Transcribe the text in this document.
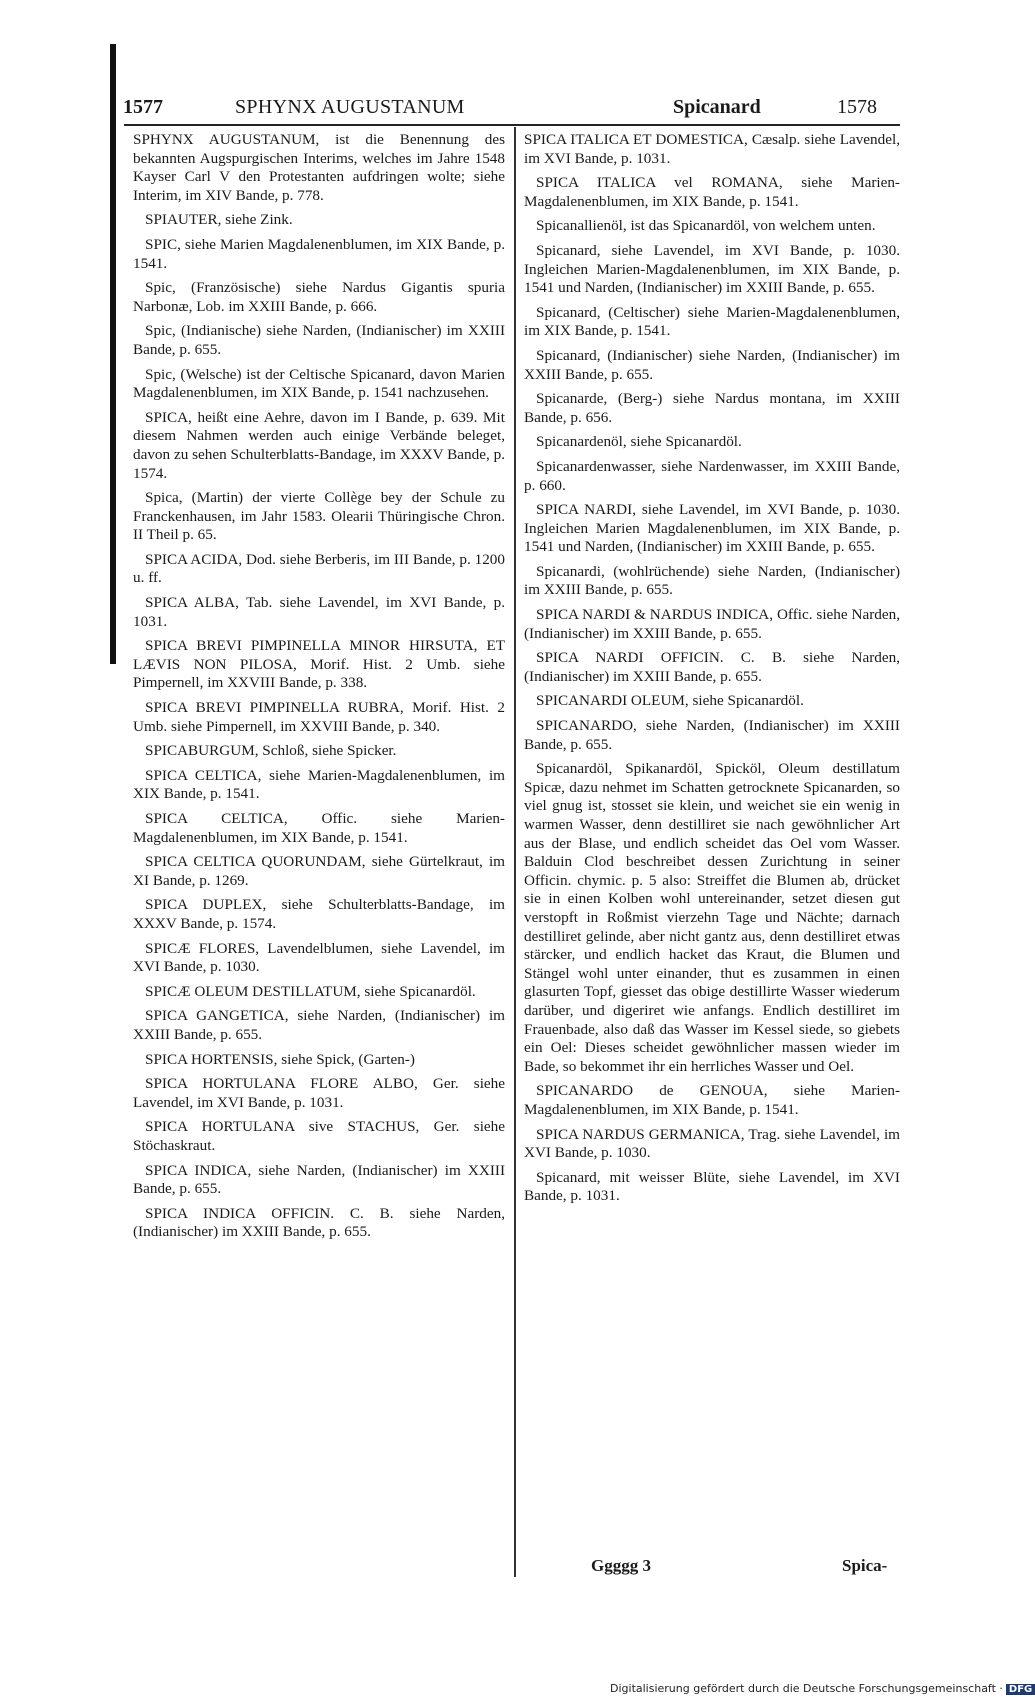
1577	SPHYNX AUGUSTANUM	Spicanard	1578

SPHYNX AUGUSTANUM, ist die Benennung des bekannten Augspurgischen Interims, welches im Jahre 1548 Kayser Carl V den Protestanten aufdringen wolte; siehe Interim, im XIV Bande, p. 778.

SPIAUTER, siehe Zink.

SPIC, siehe Marien Magdalenenblumen, im XIX Bande, p. 1541.

Spic, (Französische) siehe Nardus Gigantis spuria Narbonæ, Lob. im XXIII Bande, p. 666.

Spic, (Indianische) siehe Narden, (Indianischer) im XXIII Bande, p. 655.

Spic, (Welsche) ist der Celtische Spicanard, davon Marien Magdalenenblumen, im XIX Bande, p. 1541 nachzusehen.

SPICA, heißt eine Aehre, davon im I Bande, p. 639. Mit diesem Nahmen werden auch einige Verbände beleget, davon zu sehen Schulterblatts-Bandage, im XXXV Bande, p. 1574.

Spica, (Martin) der vierte Collège bey der Schule zu Franckenhausen, im Jahr 1583. Olearii Thüringische Chron. II Theil p. 65.

SPICA ACIDA, Dod. siehe Berberis, im III Bande, p. 1200 u. ff.

SPICA ALBA, Tab. siehe Lavendel, im XVI Bande, p. 1031.

SPICA BREVI PIMPINELLA MINOR HIRSUTA, ET LÆVIS NON PILOSA, Morif. Hist. 2 Umb. siehe Pimpernell, im XXVIII Bande, p. 338.

SPICA BREVI PIMPINELLA RUBRA, Morif. Hist. 2 Umb. siehe Pimpernell, im XXVIII Bande, p. 340.

SPICABURGUM, Schloß, siehe Spicker.

SPICA CELTICA, siehe Marien-Magdalenenblumen, im XIX Bande, p. 1541.

SPICA CELTICA, Offic. siehe Marien-Magdalenenblumen, im XIX Bande, p. 1541.

SPICA CELTICA QUORUNDAM, siehe Gürtelkraut, im XI Bande, p. 1269.

SPICA DUPLEX, siehe Schulterblatts-Bandage, im XXXV Bande, p. 1574.

SPICÆ FLORES, Lavendelblumen, siehe Lavendel, im XVI Bande, p. 1030.

SPICÆ OLEUM DESTILLATUM, siehe Spicanardöl.

SPICA GANGETICA, siehe Narden, (Indianischer) im XXIII Bande, p. 655.

SPICA HORTENSIS, siehe Spick, (Garten-)

SPICA HORTULANA FLORE ALBO, Ger. siehe Lavendel, im XVI Bande, p. 1031.

SPICA HORTULANA sive STACHUS, Ger. siehe Stöchaskraut.

SPICA INDICA, siehe Narden, (Indianischer) im XXIII Bande, p. 655.

SPICA INDICA OFFICIN. C. B. siehe Narden, (Indianischer) im XXIII Bande, p. 655.

SPICA ITALICA ET DOMESTICA, Cæsalp. siehe Lavendel, im XVI Bande, p. 1031.

SPICA ITALICA vel ROMANA, siehe Marien-Magdalenenblumen, im XIX Bande, p. 1541.

Spicanallienöl, ist das Spicanardöl, von welchem unten.

Spicanard, siehe Lavendel, im XVI Bande, p. 1030. Ingleichen Marien-Magdalenenblumen, im XIX Bande, p. 1541 und Narden, (Indianischer) im XXIII Bande, p. 655.

Spicanard, (Celtischer) siehe Marien-Magdalenenblumen, im XIX Bande, p. 1541.

Spicanard, (Indianischer) siehe Narden, (Indianischer) im XXIII Bande, p. 655.

Spicanarde, (Berg-) siehe Nardus montana, im XXIII Bande, p. 656.

Spicanardenöl, siehe Spicanardöl.

Spicanardenwasser, siehe Nardenwasser, im XXIII Bande, p. 660.

SPICA NARDI, siehe Lavendel, im XVI Bande, p. 1030. Ingleichen Marien Magdalenenblumen, im XIX Bande, p. 1541 und Narden, (Indianischer) im XXIII Bande, p. 655.

Spicanardi, (wohlrüchende) siehe Narden, (Indianischer) im XXIII Bande, p. 655.

SPICA NARDI & NARDUS INDICA, Offic. siehe Narden, (Indianischer) im XXIII Bande, p. 655.

SPICA NARDI OFFICIN. C. B. siehe Narden, (Indianischer) im XXIII Bande, p. 655.

SPICANARDI OLEUM, siehe Spicanardöl.

SPICANARDO, siehe Narden, (Indianischer) im XXIII Bande, p. 655.

Spicanardöl, Spikanardöl, Spicköl, Oleum destillatum Spicæ, dazu nehmet im Schatten getrocknete Spicanarden, so viel gnug ist, stosset sie klein, und weichet sie ein wenig in warmen Wasser, denn destilliret sie nach gewöhnlicher Art aus der Blase, und endlich scheidet das Oel vom Wasser. Balduin Clod beschreibet dessen Zurichtung in seiner Officin. chymic. p. 5 also: Streiffet die Blumen ab, drücket sie in einen Kolben wohl untereinander, setzet diesen gut verstopft in Roßmist vierzehn Tage und Nächte; darnach destilliret gelinde, aber nicht gantz aus, denn destilliret etwas stärcker, und endlich hacket das Kraut, die Blumen und Stängel wohl unter einander, thut es zusammen in einen glasurten Topf, giesset das obige destillirte Wasser wiederum darüber, und digeriret wie anfangs. Endlich destilliret im Frauenbade, also daß das Wasser im Kessel siede, so giebets ein Oel: Dieses scheidet gewöhnlicher massen wieder im Bade, so bekommet ihr ein herrliches Wasser und Oel.

SPICANARDO de GENOUA, siehe Marien-Magdalenenblumen, im XIX Bande, p. 1541.

SPICA NARDUS GERMANICA, Trag. siehe Lavendel, im XVI Bande, p. 1030.

Spicanard, mit weisser Blüte, siehe Lavendel, im XVI Bande, p. 1031.

Ggggg 3	Spica-
Digitalisierung gefördert durch die Deutsche Forschungsgemeinschaft · DFG
